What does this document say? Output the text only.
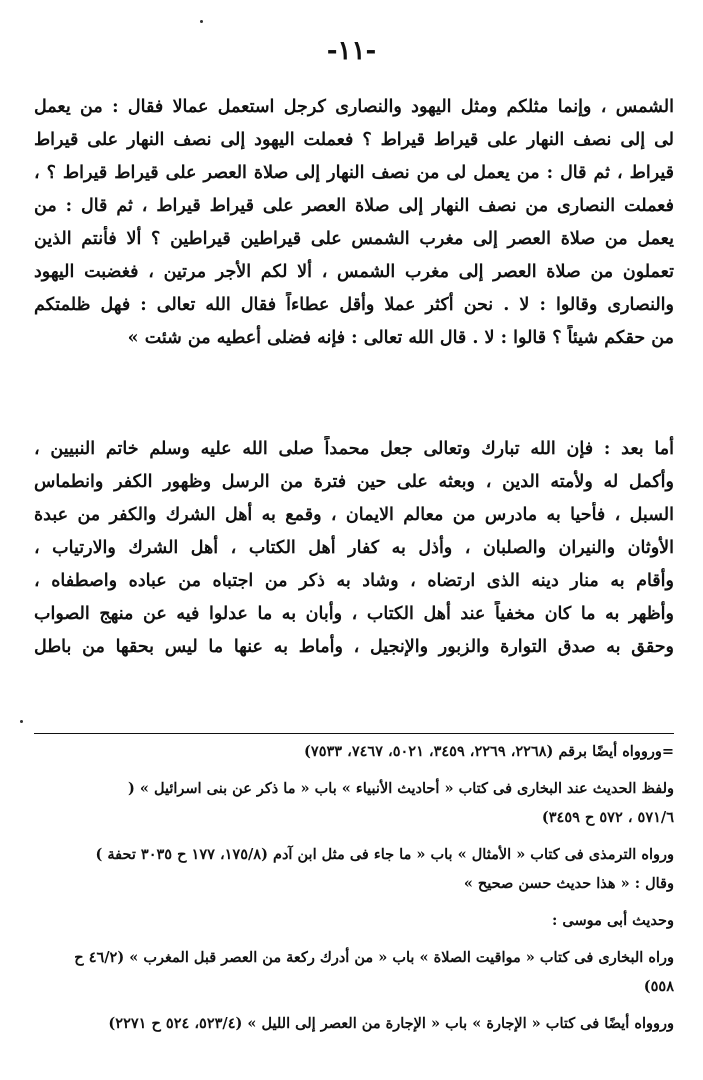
-١١-
الشمس ، وإنما مثلكم ومثل اليهود والنصارى كرجل استعمل عمالا فقال : من يعمل
لى إلى نصف النهار على قيراط قيراط ؟ فعملت اليهود إلى نصف النهار على قيراط
قيراط ، ثم قال : من يعمل لى من نصف النهار إلى صلاة العصر على قيراط قيراط ؟ ،
فعملت النصارى من نصف النهار إلى صلاة العصر على قيراط قيراط ، ثم قال : من
يعمل من صلاة العصر إلى مغرب الشمس على قيراطين قيراطين ؟ ألا فأنتم الذين
تعملون من صلاة العصر إلى مغرب الشمس ، ألا لكم الأجر مرتين ، فغضبت اليهود
والنصارى وقالوا : لا . نحن أكثر عملا وأقل عطاءاً فقال الله تعالى : فهل ظلمتكم
من حقكم شيئاً ؟ قالوا : لا . قال الله تعالى : فإنه فضلى أعطيه من شئت »
أما بعد : فإن الله تبارك وتعالى جعل محمداً صلى الله عليه وسلم خاتم النبيين ،
وأكمل له ولأمته الدين ، وبعثه على حين فترة من الرسل وظهور الكفر وانطماس
السبل ، فأحيا به مادرس من معالم الايمان ، وقمع به أهل الشرك والكفر من عبدة
الأوثان والنيران والصلبان ، وأذل به كفار أهل الكتاب ، أهل الشرك والارتياب ،
وأقام به منار دينه الذى ارتضاه ، وشاد به ذكر من اجتباه من عباده واصطفاه ،
وأظهر به ما كان مخفياً عند أهل الكتاب ، وأبان به ما عدلوا فيه عن منهج الصواب
وحقق به صدق التوارة والزبور والإنجيل ، وأماط به عنها ما ليس بحقها من باطل
=وروواه أيضًا برقم (٢٢٦٨، ٢٢٦٩، ٣٤٥٩، ٥٠٢١، ٧٤٦٧، ٧٥٣٣)
ولفظ الحديث عند البخارى فى كتاب « أحاديث الأنبياء » باب « ما ذكر عن بنى اسرائيل » (
٥٧١/٦ ، ٥٧٢ ح ٣٤٥٩)
ورواه الترمذى فى كتاب « الأمثال » باب « ما جاء فى مثل ابن آدم (١٧٥/٨، ١٧٧ ح ٣٠٣٥ تحفة )
وقال : « هذا حديث حسن صحيح »
وحديث أبى موسى :
وراه البخارى فى كتاب « مواقيت الصلاة » باب « من أدرك ركعة من العصر قبل المغرب » (٤٦/٢ ح
٥٥٨)
وروواه أيضًا فى كتاب « الإجارة » باب « الإجارة من العصر إلى الليل » (٥٢٣/٤، ٥٢٤ ح ٢٢٧١)
